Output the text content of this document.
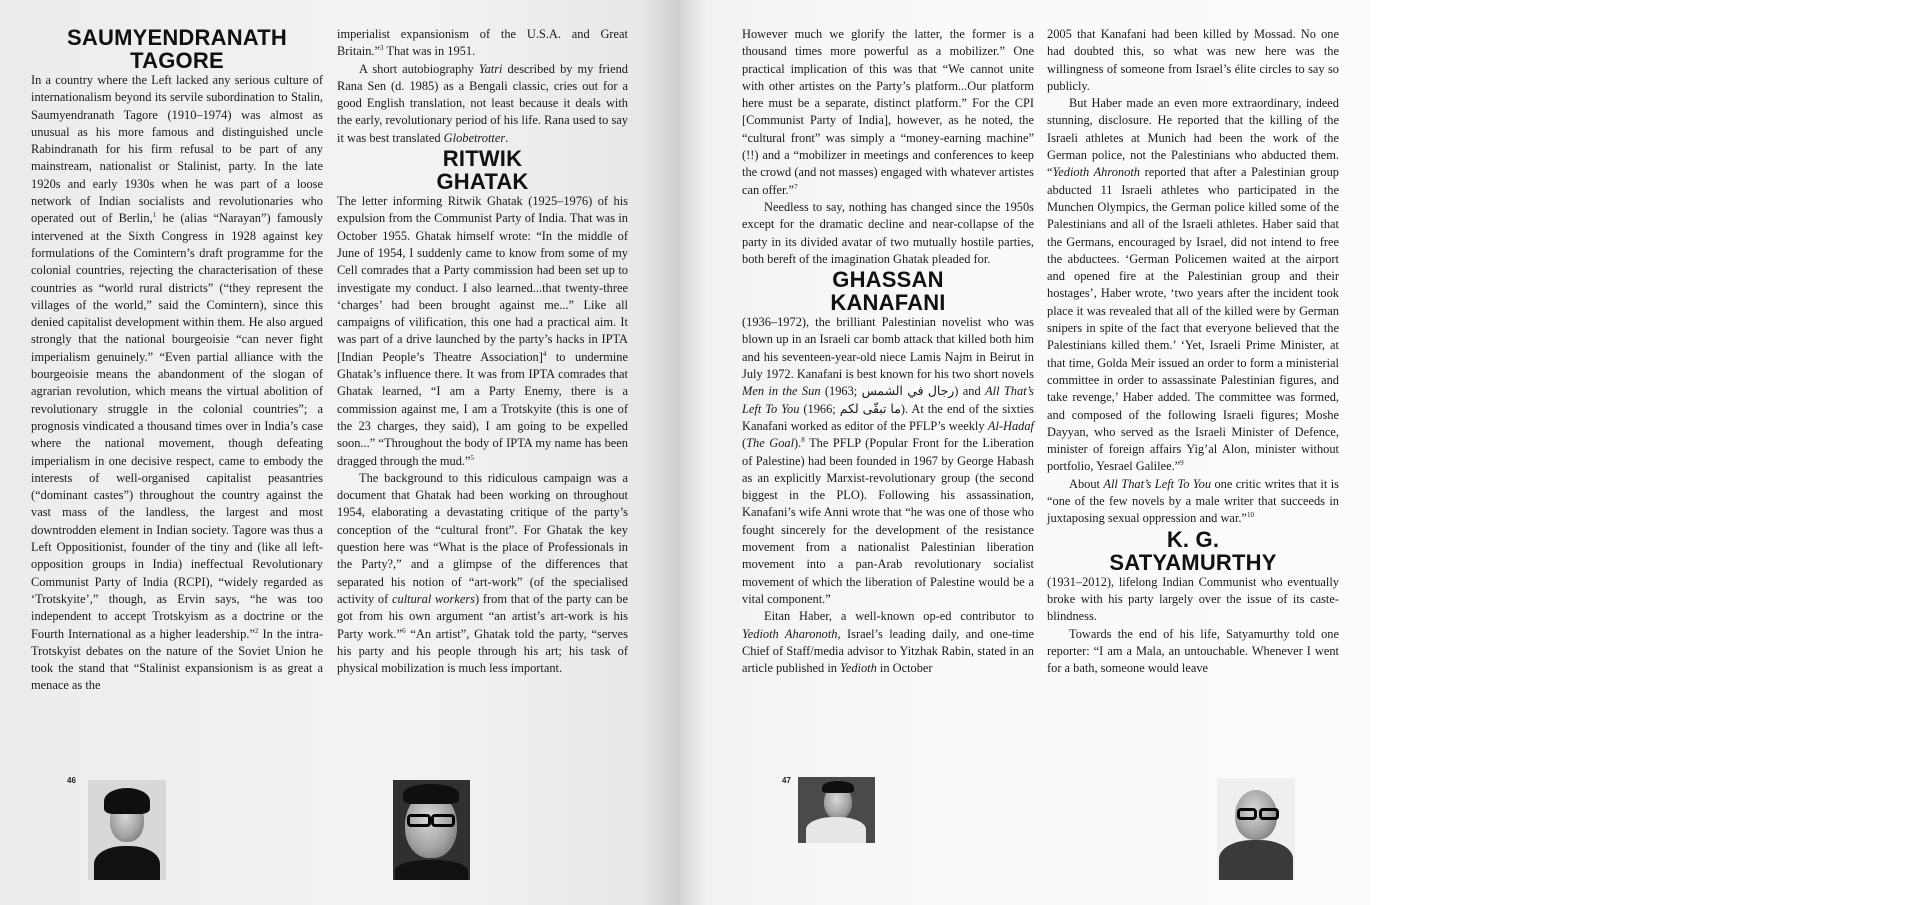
SAUMYENDRANATH TAGORE

In a country where the Left lacked any serious culture of internationalism beyond its servile subordination to Stalin, Saumyendranath Tagore (1910–1974) was almost as unusual as his more famous and distinguished uncle Rabindranath for his firm refusal to be part of any mainstream, nationalist or Stalinist, party. In the late 1920s and early 1930s when he was part of a loose network of Indian socialists and revolutionaries who operated out of Berlin,$^1$ he (alias “Narayan”) famously intervened at the Sixth Congress in 1928 against key formulations of the Comintern’s draft programme for the colonial countries, rejecting the characterisation of these countries as “world rural districts” (“they represent the villages of the world,” said the Comintern), since this denied capitalist development within them. He also argued strongly that the national bourgeoisie “can never fight imperialism genuinely.” “Even partial alliance with the bourgeoisie means the abandonment of the slogan of agrarian revolution, which means the virtual abolition of revolutionary struggle in the colonial countries”; a prognosis vindicated a thousand times over in India’s case where the national movement, though defeating imperialism in one decisive respect, came to embody the interests of well-organised capitalist peasantries (“dominant castes”) throughout the country against the vast mass of the landless, the largest and most downtrodden element in Indian society. Tagore was thus a Left Oppositionist, founder of the tiny and (like all left-opposition groups in India) ineffectual Revolutionary Communist Party of India (RCPI), “widely regarded as ‘Trotskyite’,” though, as Ervin says, “he was too independent to accept Trotskyism as a doctrine or the Fourth International as a higher leadership.”$^2$ In the intra-Trotskyist debates on the nature of the Soviet Union he took the stand that “Stalinist expansionism is as great a menace as the

imperialist expansionism of the U.S.A. and Great Britain.”$^3$ That was in 1951.

A short autobiography Yatri described by my friend Rana Sen (d. 1985) as a Bengali classic, cries out for a good English translation, not least because it deals with the early, revolutionary period of his life. Rana used to say it was best translated Globetrotter.

RITWIK GHATAK

The letter informing Ritwik Ghatak (1925–1976) of his expulsion from the Communist Party of India. That was in October 1955. Ghatak himself wrote: “In the middle of June of 1954, I suddenly came to know from some of my Cell comrades that a Party commission had been set up to investigate my conduct. I also learned...that twenty-three ‘charges’ had been brought against me...” Like all campaigns of vilification, this one had a practical aim. It was part of a drive launched by the party’s hacks in IPTA [Indian People’s Theatre Association]$^4$ to undermine Ghatak’s influence there. It was from IPTA comrades that Ghatak learned, “I am a Party Enemy, there is a commission against me, I am a Trotskyite (this is one of the 23 charges, they said), I am going to be expelled soon...” “Throughout the body of IPTA my name has been dragged through the mud.”$^5$

The background to this ridiculous campaign was a document that Ghatak had been working on throughout 1954, elaborating a devastating critique of the party’s conception of the “cultural front”. For Ghatak the key question here was “What is the place of Professionals in the Party?,” and a glimpse of the differences that separated his notion of “art-work” (of the specialised activity of cultural workers) from that of the party can be got from his own argument “an artist’s art-work is his Party work.”$^6$ “An artist”, Ghatak told the party, “serves his party and his people through his art; his task of physical mobilization is much less important.

46

However much we glorify the latter, the former is a thousand times more powerful as a mobilizer.” One practical implication of this was that “We cannot unite with other artistes on the Party’s platform...Our platform here must be a separate, distinct platform.” For the CPI [Communist Party of India], however, as he noted, the “cultural front” was simply a “money-earning machine” (!!) and a “mobilizer in meetings and conferences to keep the crowd (and not masses) engaged with whatever artistes can offer.”$^7$

Needless to say, nothing has changed since the 1950s except for the dramatic decline and near-collapse of the party in its divided avatar of two mutually hostile parties, both bereft of the imagination Ghatak pleaded for.

GHASSAN KANAFANI

(1936–1972), the brilliant Palestinian novelist who was blown up in an Israeli car bomb attack that killed both him and his seventeen-year-old niece Lamis Najm in Beirut in July 1972. Kanafani is best known for his two short novels Men in the Sun (1963; رجال في الشمس) and All That’s Left To You (1966; ما تبقّى لكم). At the end of the sixties Kanafani worked as editor of the PFLP’s weekly Al-Hadaf (The Goal).$^8$ The PFLP (Popular Front for the Liberation of Palestine) had been founded in 1967 by George Habash as an explicitly Marxist-revolutionary group (the second biggest in the PLO). Following his assassination, Kanafani’s wife Anni wrote that “he was one of those who fought sincerely for the development of the resistance movement from a nationalist Palestinian liberation movement into a pan-Arab revolutionary socialist movement of which the liberation of Palestine would be a vital component.”

Eitan Haber, a well-known op-ed contributor to Yedioth Aharonoth, Israel’s leading daily, and one-time Chief of Staff/media advisor to Yitzhak Rabin, stated in an article published in Yedioth in October

2005 that Kanafani had been killed by Mossad. No one had doubted this, so what was new here was the willingness of someone from Israel’s élite circles to say so publicly.

But Haber made an even more extraordinary, indeed stunning, disclosure. He reported that the killing of the Israeli athletes at Munich had been the work of the German police, not the Palestinians who abducted them. “Yedioth Ahronoth reported that after a Palestinian group abducted 11 Israeli athletes who participated in the Munchen Olympics, the German police killed some of the Palestinians and all of the Israeli athletes. Haber said that the Germans, encouraged by Israel, did not intend to free the abductees. ‘German Policemen waited at the airport and opened fire at the Palestinian group and their hostages’, Haber wrote, ‘two years after the incident took place it was revealed that all of the killed were by German snipers in spite of the fact that everyone believed that the Palestinians killed them.’ ‘Yet, Israeli Prime Minister, at that time, Golda Meir issued an order to form a ministerial committee in order to assassinate Palestinian figures, and take revenge,’ Haber added. The committee was formed, and composed of the following Israeli figures; Moshe Dayyan, who served as the Israeli Minister of Defence, minister of foreign affairs Yig’al Alon, minister without portfolio, Yesrael Galilee.”$^9$

About All That’s Left To You one critic writes that it is “one of the few novels by a male writer that succeeds in juxtaposing sexual oppression and war.”$^{10}$

K. G. SATYAMURTHY

(1931–2012), lifelong Indian Communist who eventually broke with his party largely over the issue of its caste-blindness.

Towards the end of his life, Satyamurthy told one reporter: “I am a Mala, an untouchable. Whenever I went for a bath, someone would leave

47
